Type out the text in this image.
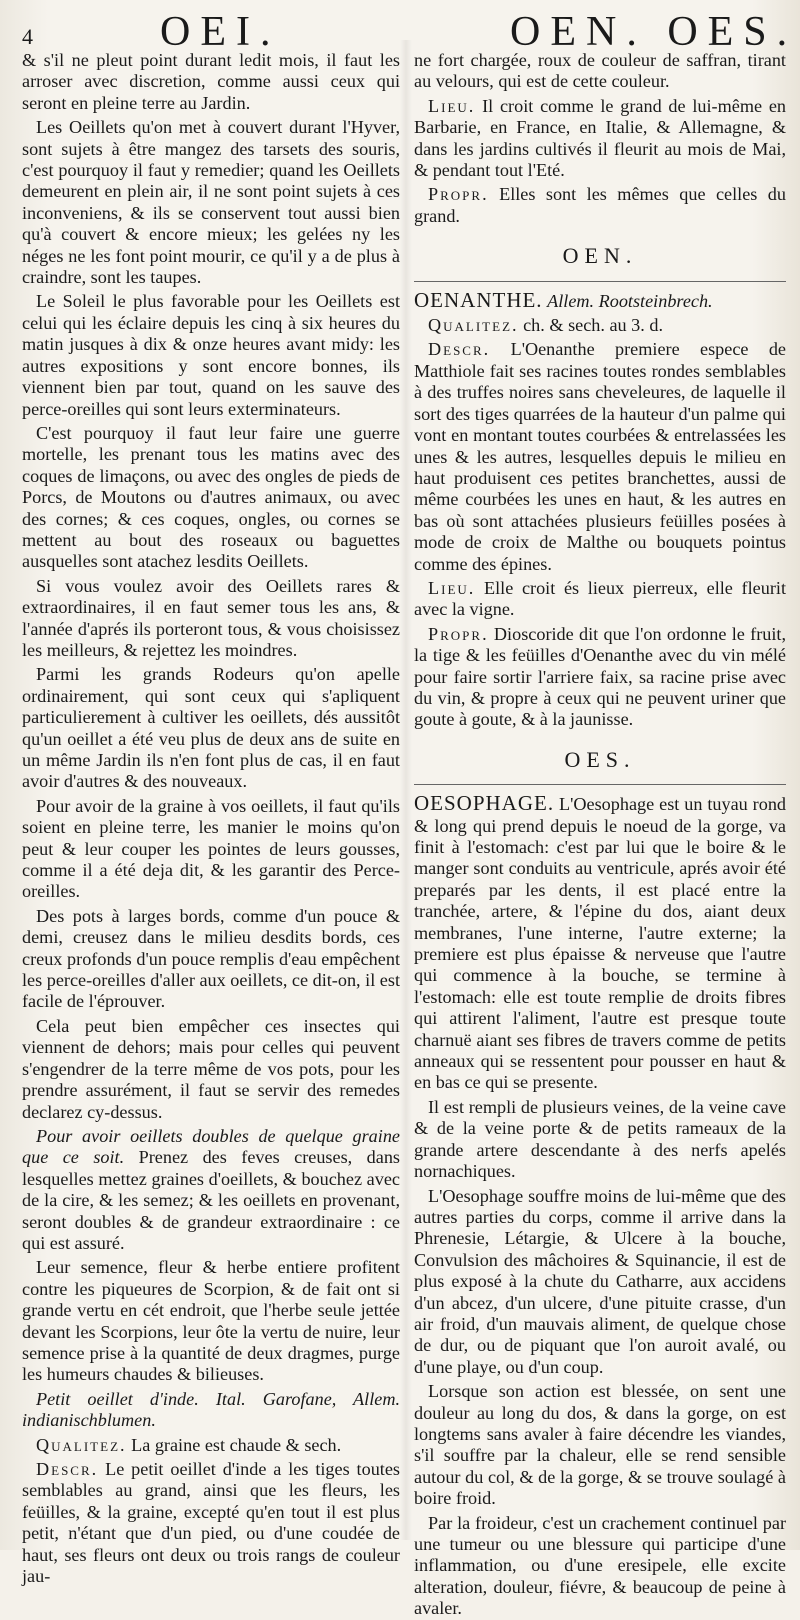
4	OEI.	OEN. OES.

& s'il ne pleut point durant ledit mois, il faut les arroser avec discretion, comme aussi ceux qui seront en pleine terre au Jardin.

Les Oeillets qu'on met à couvert durant l'Hyver, sont sujets à être mangez des tarsets des souris, c'est pourquoy il faut y remedier; quand les Oeillets demeurent en plein air, il ne sont point sujets à ces inconveniens, & ils se conservent tout aussi bien qu'à couvert & encore mieux; les gelées ny les néges ne les font point mourir, ce qu'il y a de plus à craindre, sont les taupes.

Le Soleil le plus favorable pour les Oeillets est celui qui les éclaire depuis les cinq à six heures du matin jusques à dix & onze heures avant midy: les autres expositions y sont encore bonnes, ils viennent bien par tout, quand on les sauve des perce-oreilles qui sont leurs exterminateurs.

C'est pourquoy il faut leur faire une guerre mortelle, les prenant tous les matins avec des coques de limaçons, ou avec des ongles de pieds de Porcs, de Moutons ou d'autres animaux, ou avec des cornes; & ces coques, ongles, ou cornes se mettent au bout des roseaux ou baguettes ausquelles sont atachez lesdits Oeillets.

Si vous voulez avoir des Oeillets rares & extraordinaires, il en faut semer tous les ans, & l'année d'aprés ils porteront tous, & vous choisissez les meilleurs, & rejettez les moindres.

Parmi les grands Rodeurs qu'on apelle ordinairement, qui sont ceux qui s'apliquent particulierement à cultiver les oeillets, dés aussitôt qu'un oeillet a été veu plus de deux ans de suite en un même Jardin ils n'en font plus de cas, il en faut avoir d'autres & des nouveaux.

Pour avoir de la graine à vos oeillets, il faut qu'ils soient en pleine terre, les manier le moins qu'on peut & leur couper les pointes de leurs gousses, comme il a été deja dit, & les garantir des Perce-oreilles.

Des pots à larges bords, comme d'un pouce & demi, creusez dans le milieu desdits bords, ces creux profonds d'un pouce remplis d'eau empêchent les perce-oreilles d'aller aux oeillets, ce dit-on, il est facile de l'éprouver.

Cela peut bien empêcher ces insectes qui viennent de dehors; mais pour celles qui peuvent s'engendrer de la terre même de vos pots, pour les prendre assurément, il faut se servir des remedes declarez cy-dessus.

Pour avoir oeillets doubles de quelque graine que ce soit. Prenez des feves creuses, dans lesquelles mettez graines d'oeillets, & bouchez avec de la cire, & les semez; & les oeillets en provenant, seront doubles & de grandeur extraordinaire : ce qui est assuré.

Leur semence, fleur & herbe entiere profitent contre les piqueures de Scorpion, & de fait ont si grande vertu en cét endroit, que l'herbe seule jettée devant les Scorpions, leur ôte la vertu de nuire, leur semence prise à la quantité de deux dragmes, purge les humeurs chaudes & bilieuses.

Petit oeillet d'inde. Ital. Garofane, Allem. indianischblumen.

Qualitez. La graine est chaude & sech.

Descr. Le petit oeillet d'inde a les tiges toutes semblables au grand, ainsi que les fleurs, les feüilles, & la graine, excepté qu'en tout il est plus petit, n'étant que d'un pied, ou d'une coudée de haut, ses fleurs ont deux ou trois rangs de couleur jau-

ne fort chargée, roux de couleur de saffran, tirant au velours, qui est de cette couleur.

Lieu. Il croit comme le grand de lui-même en Barbarie, en France, en Italie, & Allemagne, & dans les jardins cultivés il fleurit au mois de Mai, & pendant tout l'Eté.

Propr. Elles sont les mêmes que celles du grand.

OEN.

OENANTHE. Allem. Rootsteinbrech.

Qualitez. ch. & sech. au 3. d.

Descr. L'Oenanthe premiere espece de Matthiole fait ses racines toutes rondes semblables à des truffes noires sans cheveleures, de laquelle il sort des tiges quarrées de la hauteur d'un palme qui vont en montant toutes courbées & entrelassées les unes & les autres, lesquelles depuis le milieu en haut produisent ces petites branchettes, aussi de même courbées les unes en haut, & les autres en bas où sont attachées plusieurs feüilles posées à mode de croix de Malthe ou bouquets pointus comme des épines.

Lieu. Elle croit és lieux pierreux, elle fleurit avec la vigne.

Propr. Dioscoride dit que l'on ordonne le fruit, la tige & les feüilles d'Oenanthe avec du vin mélé pour faire sortir l'arriere faix, sa racine prise avec du vin, & propre à ceux qui ne peuvent uriner que goute à goute, & à la jaunisse.

OES.

OESOPHAGE. L'Oesophage est un tuyau rond & long qui prend depuis le noeud de la gorge, va finit à l'estomach: c'est par lui que le boire & le manger sont conduits au ventricule, aprés avoir été preparés par les dents, il est placé entre la tranchée, artere, & l'épine du dos, aiant deux membranes, l'une interne, l'autre externe; la premiere est plus épaisse & nerveuse que l'autre qui commence à la bouche, se termine à l'estomach: elle est toute remplie de droits fibres qui attirent l'aliment, l'autre est presque toute charnuë aiant ses fibres de travers comme de petits anneaux qui se ressentent pour pousser en haut & en bas ce qui se presente.

Il est rempli de plusieurs veines, de la veine cave & de la veine porte & de petits rameaux de la grande artere descendante à des nerfs apelés nornachiques.

L'Oesophage souffre moins de lui-même que des autres parties du corps, comme il arrive dans la Phrenesie, Létargie, & Ulcere à la bouche, Convulsion des mâchoires & Squinancie, il est de plus exposé à la chute du Catharre, aux accidens d'un abcez, d'un ulcere, d'une pituite crasse, d'un air froid, d'un mauvais aliment, de quelque chose de dur, ou de piquant que l'on auroit avalé, ou d'une playe, ou d'un coup.

Lorsque son action est blessée, on sent une douleur au long du dos, & dans la gorge, on est longtems sans avaler à faire décendre les viandes, s'il souffre par la chaleur, elle se rend sensible autour du col, & de la gorge, & se trouve soulagé à boire froid.

Par la froideur, c'est un crachement continuel par une tumeur ou une blessure qui participe d'une inflammation, ou d'une eresipele, elle excite alteration, douleur, fiévre, & beaucoup de peine à avaler.
